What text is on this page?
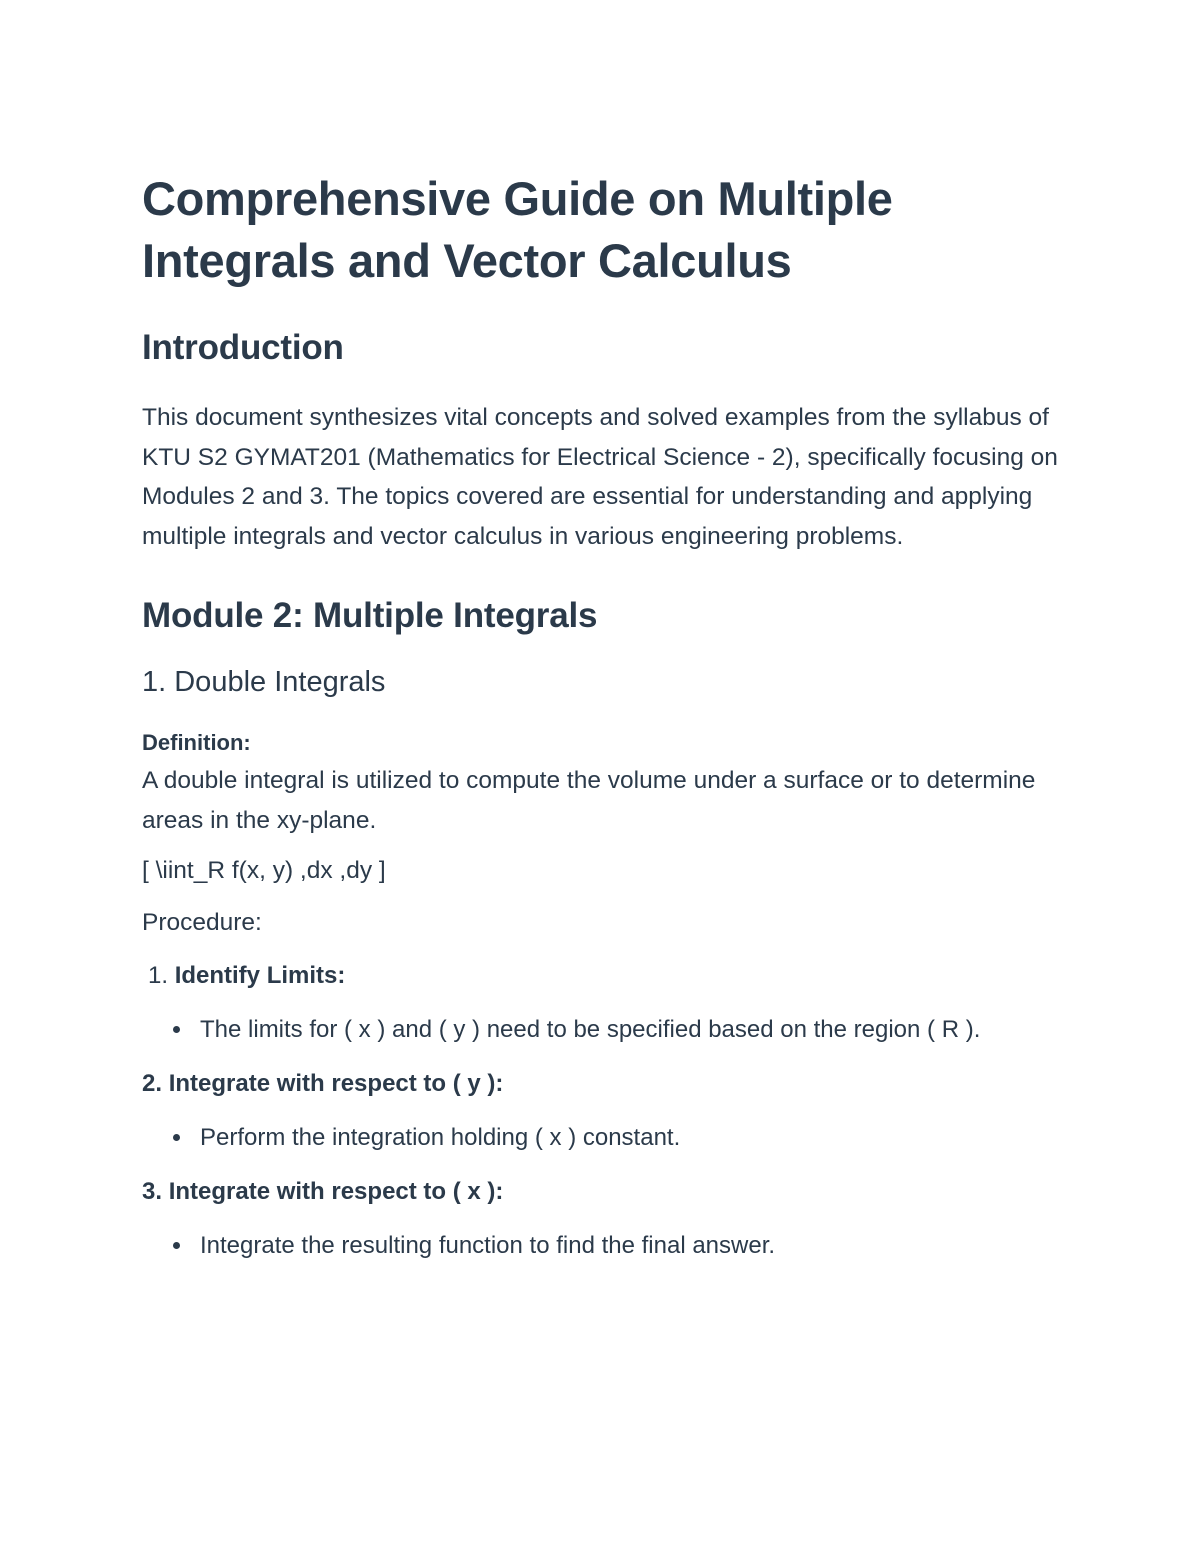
Comprehensive Guide on Multiple Integrals and Vector Calculus
Introduction

This document synthesizes vital concepts and solved examples from the syllabus of KTU S2 GYMAT201 (Mathematics for Electrical Science - 2), specifically focusing on Modules 2 and 3. The topics covered are essential for understanding and applying multiple integrals and vector calculus in various engineering problems.

Module 2: Multiple Integrals
1. Double Integrals
Definition:

A double integral is utilized to compute the volume under a surface or to determine areas in the xy-plane.

[ \iint_R f(x, y) ,dx ,dy ]

Procedure:

1. Identify Limits:
The limits for ( x ) and ( y ) need to be specified based on the region ( R ).
2. Integrate with respect to ( y ):
Perform the integration holding ( x ) constant.
3. Integrate with respect to ( x ):
Integrate the resulting function to find the final answer.
